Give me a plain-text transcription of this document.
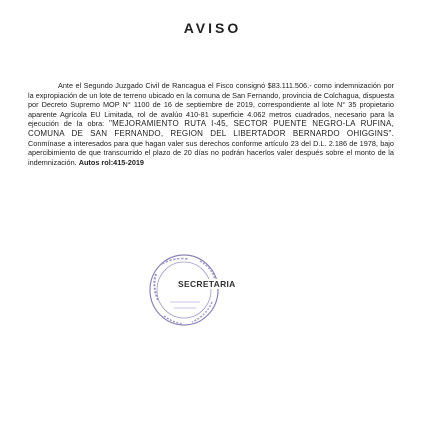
AVISO
Ante el Segundo Juzgado Civil de Rancagua el Fisco consignó $83.111.506.- como indemnización por la expropiación de un lote de terreno ubicado en la comuna de San Fernando, provincia de Colchagua, dispuesta por Decreto Supremo MOP N° 1100 de 16 de septiembre de 2019, correspondiente al lote N° 35 propietario aparente Agrícola EU Limitada, rol de avalúo 410-81 superficie 4.062 metros cuadrados, necesario para la ejecución de la obra: "MEJORAMIENTO RUTA I-45, SECTOR PUENTE NEGRO-LA RUFINA, COMUNA DE SAN FERNANDO, REGION DEL LIBERTADOR BERNARDO OHIGGINS". Conmínase a interesados para que hagan valer sus derechos conforme artículo 23 del D.L. 2.186 de 1978, bajo apercibimiento de que transcurrido el plazo de 20 días no podrán hacerlos valer después sobre el monto de la indemnización. Autos rol:415-2019
SECRETARIA
